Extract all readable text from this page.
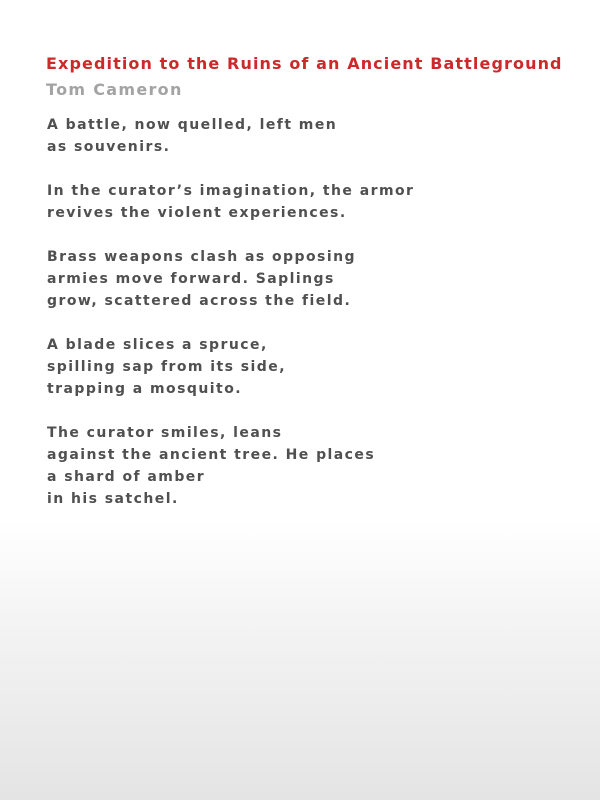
Expedition to the Ruins of an Ancient Battleground

Tom Cameron

A battle, now quelled, left men
as souvenirs.
In the curator’s imagination, the armor
revives the violent experiences.
Brass weapons clash as opposing
armies move forward. Saplings
grow, scattered across the field.
A blade slices a spruce,
spilling sap from its side,
trapping a mosquito.
The curator smiles, leans
against the ancient tree. He places
a shard of amber
in his satchel.
